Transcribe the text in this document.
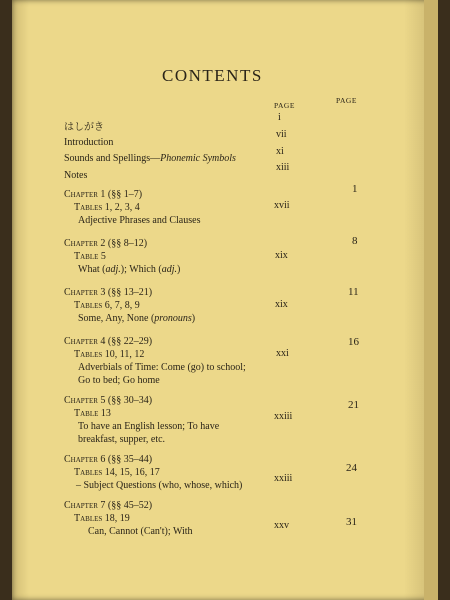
CONTENTS
PAGE
PAGE
i
はしがき
vii
Introduction
xi
Sounds and Spellings—Phonemic Symbols
xiii
Notes
Chapter 1 (§§ 1–7)
Tables 1, 2, 3, 4
Adjective Phrases and Clauses
xvii
1
Chapter 2 (§§ 8–12)
Table 5
What (adj.); Which (adj.)
xix
8
Chapter 3 (§§ 13–21)
Tables 6, 7, 8, 9
Some, Any, None (pronouns)
xix
11
Chapter 4 (§§ 22–29)
Tables 10, 11, 12
Adverbials of Time: Come (go) to school;
Go to bed; Go home
xxi
16
Chapter 5 (§§ 30–34)
Table 13
To have an English lesson; To have
breakfast, supper, etc.
xxiii
21
Chapter 6 (§§ 35–44)
Tables 14, 15, 16, 17
– Subject Questions (who, whose, which)
xxiii
24
Chapter 7 (§§ 45–52)
Tables 18, 19
Can, Cannot (Can't); With
xxv	31
